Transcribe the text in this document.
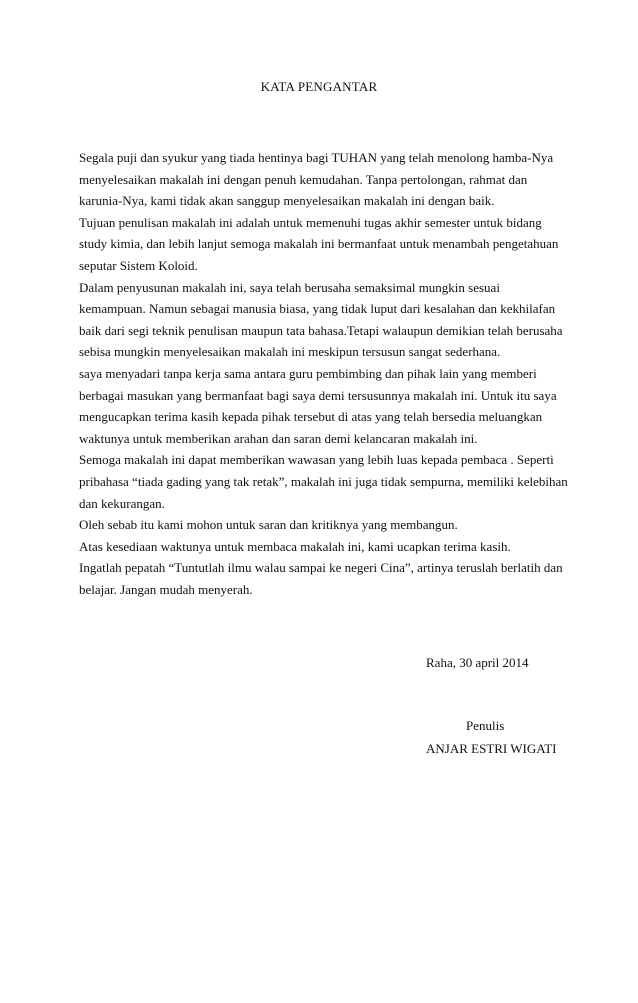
KATA PENGANTAR
Segala puji dan syukur yang tiada hentinya bagi TUHAN yang telah menolong hamba-Nya
menyelesaikan makalah ini dengan penuh kemudahan. Tanpa pertolongan, rahmat dan
karunia-Nya, kami tidak akan sanggup menyelesaikan makalah ini dengan baik.
Tujuan penulisan makalah ini adalah untuk memenuhi tugas akhir semester untuk bidang
study kimia, dan lebih lanjut semoga makalah ini bermanfaat untuk menambah pengetahuan
seputar Sistem Koloid.
Dalam penyusunan makalah ini, saya telah berusaha semaksimal mungkin sesuai
kemampuan. Namun sebagai manusia biasa, yang tidak luput dari kesalahan dan kekhilafan
baik dari segi teknik penulisan maupun tata bahasa.Tetapi walaupun demikian telah berusaha
sebisa mungkin menyelesaikan makalah ini meskipun tersusun sangat sederhana.
saya menyadari tanpa kerja sama antara guru pembimbing dan pihak lain yang memberi
berbagai masukan yang bermanfaat bagi saya demi tersusunnya makalah ini. Untuk itu saya
mengucapkan terima kasih kepada pihak tersebut di atas yang telah bersedia meluangkan
waktunya untuk memberikan arahan dan saran demi kelancaran makalah ini.
Semoga makalah ini dapat memberikan wawasan yang lebih luas kepada pembaca . Seperti
pribahasa “tiada gading yang tak retak”, makalah ini juga tidak sempurna, memiliki kelebihan
dan kekurangan.
Oleh sebab itu kami mohon untuk saran dan kritiknya yang membangun.
Atas kesediaan waktunya untuk membaca makalah ini, kami ucapkan terima kasih.
Ingatlah pepatah “Tuntutlah ilmu walau sampai ke negeri Cina”, artinya teruslah berlatih dan
belajar. Jangan mudah menyerah.
Raha, 30 april 2014
Penulis
ANJAR ESTRI WIGATI
